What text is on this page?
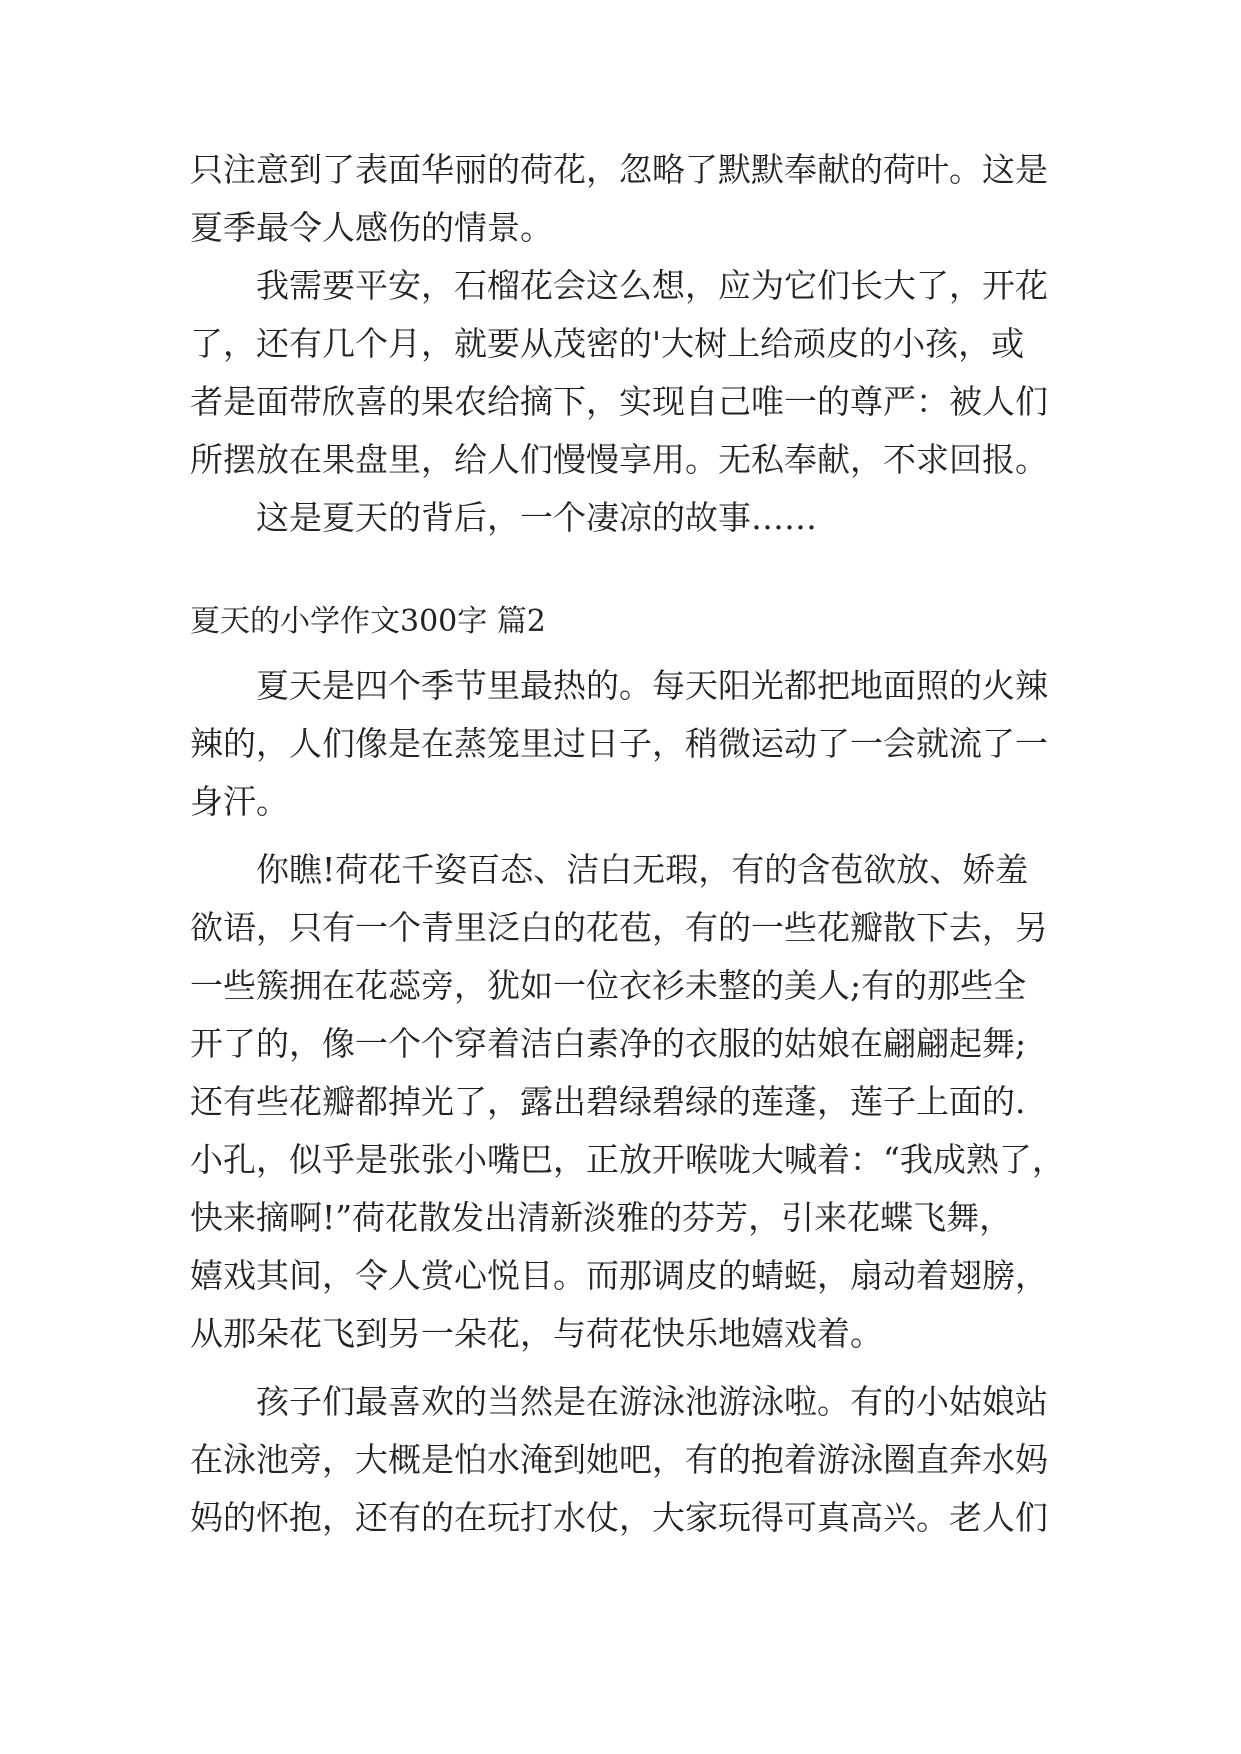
只注意到了表面华丽的荷花，忽略了默默奉献的荷叶。这是

夏季最令人感伤的情景。

　　我需要平安，石榴花会这么想，应为它们长大了，开花

了，还有几个月，就要从茂密的'大树上给顽皮的小孩，或

者是面带欣喜的果农给摘下，实现自己唯一的尊严：被人们

所摆放在果盘里，给人们慢慢享用。无私奉献，不求回报。

　　这是夏天的背后，一个凄凉的故事……

夏天的小学作文300字 篇2

　　夏天是四个季节里最热的。每天阳光都把地面照的火辣

辣的，人们像是在蒸笼里过日子，稍微运动了一会就流了一

身汗。

　　你瞧!荷花千姿百态、洁白无瑕，有的含苞欲放、娇羞

欲语，只有一个青里泛白的花苞，有的一些花瓣散下去，另

一些簇拥在花蕊旁，犹如一位衣衫未整的美人;有的那些全

开了的，像一个个穿着洁白素净的衣服的姑娘在翩翩起舞;

还有些花瓣都掉光了，露出碧绿碧绿的莲蓬，莲子上面的.

小孔，似乎是张张小嘴巴，正放开喉咙大喊着：“我成熟了，

快来摘啊!”荷花散发出清新淡雅的芬芳，引来花蝶飞舞，

嬉戏其间，令人赏心悦目。而那调皮的蜻蜓，扇动着翅膀，

从那朵花飞到另一朵花，与荷花快乐地嬉戏着。

　　孩子们最喜欢的当然是在游泳池游泳啦。有的小姑娘站

在泳池旁，大概是怕水淹到她吧，有的抱着游泳圈直奔水妈

妈的怀抱，还有的在玩打水仗，大家玩得可真高兴。老人们
